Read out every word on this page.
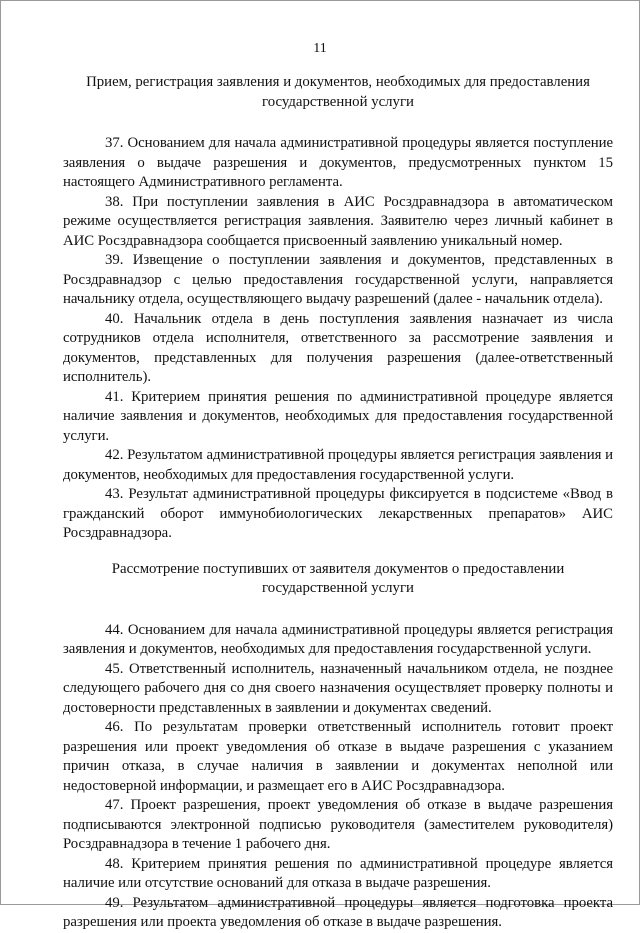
11

Прием, регистрация заявления и документов, необходимых для предоставления государственной услуги

37. Основанием для начала административной процедуры является поступление заявления о выдаче разрешения и документов, предусмотренных пунктом 15 настоящего Административного регламента.

38. При поступлении заявления в АИС Росздравнадзора в автоматическом режиме осуществляется регистрация заявления. Заявителю через личный кабинет в АИС Росздравнадзора сообщается присвоенный заявлению уникальный номер.

39. Извещение о поступлении заявления и документов, представленных в Росздравнадзор с целью предоставления государственной услуги, направляется начальнику отдела, осуществляющего выдачу разрешений (далее - начальник отдела).

40. Начальник отдела в день поступления заявления назначает из числа сотрудников отдела исполнителя, ответственного за рассмотрение заявления и документов, представленных для получения разрешения (далее-ответственный исполнитель).

41. Критерием принятия решения по административной процедуре является наличие заявления и документов, необходимых для предоставления государственной услуги.

42. Результатом административной процедуры является регистрация заявления и документов, необходимых для предоставления государственной услуги.

43. Результат административной процедуры фиксируется в подсистеме «Ввод в гражданский оборот иммунобиологических лекарственных препаратов» АИС Росздравнадзора.

Рассмотрение поступивших от заявителя документов о предоставлении государственной услуги

44. Основанием для начала административной процедуры является регистрация заявления и документов, необходимых для предоставления государственной услуги.

45. Ответственный исполнитель, назначенный начальником отдела, не позднее следующего рабочего дня со дня своего назначения осуществляет проверку полноты и достоверности представленных в заявлении и документах сведений.

46. По результатам проверки ответственный исполнитель готовит проект разрешения или проект уведомления об отказе в выдаче разрешения с указанием причин отказа, в случае наличия в заявлении и документах неполной или недостоверной информации, и размещает его в АИС Росздравнадзора.

47. Проект разрешения, проект уведомления об отказе в выдаче разрешения подписываются электронной подписью руководителя (заместителем руководителя) Росздравнадзора в течение 1 рабочего дня.

48. Критерием принятия решения по административной процедуре является наличие или отсутствие оснований для отказа в выдаче разрешения.

49. Результатом административной процедуры является подготовка проекта разрешения или проекта уведомления об отказе в выдаче разрешения.
